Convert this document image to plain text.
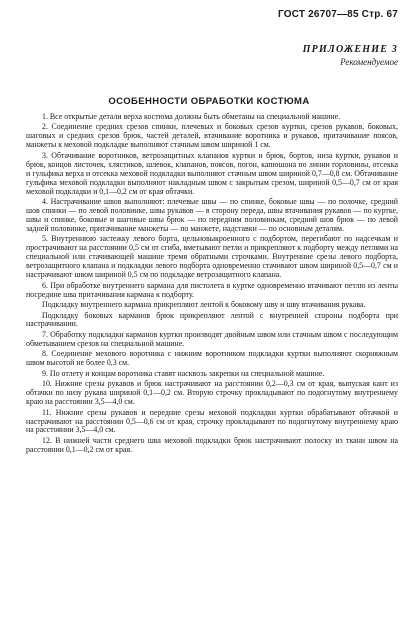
ГОСТ 26707—85 Стр. 67
ПРИЛОЖЕНИЕ 3
Рекомендуемое
ОСОБЕННОСТИ ОБРАБОТКИ КОСТЮМА

1. Все открытые детали верха костюма должны быть обметаны на специальной машине.

2. Соединение средних срезов спинки, плечевых и боковых срезов куртки, срезов рукавов, боковых, шаговых и средних срезов брюк, частей деталей, втачивание воротника и рукавов, притачивание поясов, манжеты к меховой подкладке выполняют стачным швом шириной 1 см.

3. Обтачивание воротников, ветрозащитных клапанов куртки и брюк, бортов, низа куртки, рукавов и брюк, концов листочек, хлястиков, шлевок, клапанов, поясов, погон, капюшона по линии горловины, отсекка и гульфика верха и отсекка меховой подкладки выполняют стачным швом шириной 0,7—0,8 см. Обтачивание гульфика меховой подкладки выполняют накладным швом с закрытым срезом, шириной 0,5—0,7 см от края меховой подкладки и 0,1—0,2 см от края обтачки.

4. Настрачивание швов выполняют: плечевые швы — по спинке, боковые швы — по полочке, средний шов спинки — по левой половинке, швы рукавов — в сторону переда, швы втачивания рукавов — по куртке, швы и спинке, боковые и шаговые швы брюк — по передним половинкам, средний шов брюк — по левой задней половинке, притачивание манжеты — по манжете, надставки — по основным деталям.

5. Внутреннюю застежку левого борта, цельновыкроенного с подбортом, перегибают по надсечкам и прострачивают на расстоянии 0,5 см от сгиба, вметывают петли и прикрепляют к подборту между петлями на специальной или стачивающей машине тремя обратными строчками. Внутренние срезы левого подборта, ветрозащитного клапана и подкладки левого подборта одновременно стачивают швом шириной 0,5—0,7 см и настрачивают швом шириной 0,5 см по подкладке ветрозащитного клапана.

6. При обработке внутреннего кармана для пистолета в куртке одновременно втачивают петлю из ленты посредине шва притачивания кармана к подборту.

Подкладку внутреннего кармана прикрепляют лентой к боковому шву и шву втачивания рукава.

Подкладку боковых карманов брюк прикрепляют лентой с внутренней стороны подборта при настрачивании.

7. Обработку подкладки карманов куртки производят двойным швом или стачным швом с последующим обметыванием срезов на специальной машине.

8. Соединение мехового воротника с нижним воротником подкладки куртки выполняют скорняжным швом высотой не более 0,3 см.

9. По отлету и концам воротника ставят насквозь закрепки на специальной машине.

10. Нижние срезы рукавов и брюк настрачивают на расстоянии 0,2—0,3 см от края, выпуская кант из обтачки по низу рукава шириной 0,1—0,2 см. Вторую строчку прокладывают по подогнутому внутреннему краю на расстоянии 3,5—4,0 см.

11. Нижние срезы рукавов и передние срезы меховой подкладки куртки обрабатывают обтачкой и настрачивают на расстоянии 0,5—0,6 см от края, строчку прокладывают по подогнутому внутреннему краю на расстоянии 3,5—4,0 см.

12. В нижней части среднего шва меховой подкладки брюк настрачивают полоску из ткани швом на расстоянии 0,1—0,2 см от края.
